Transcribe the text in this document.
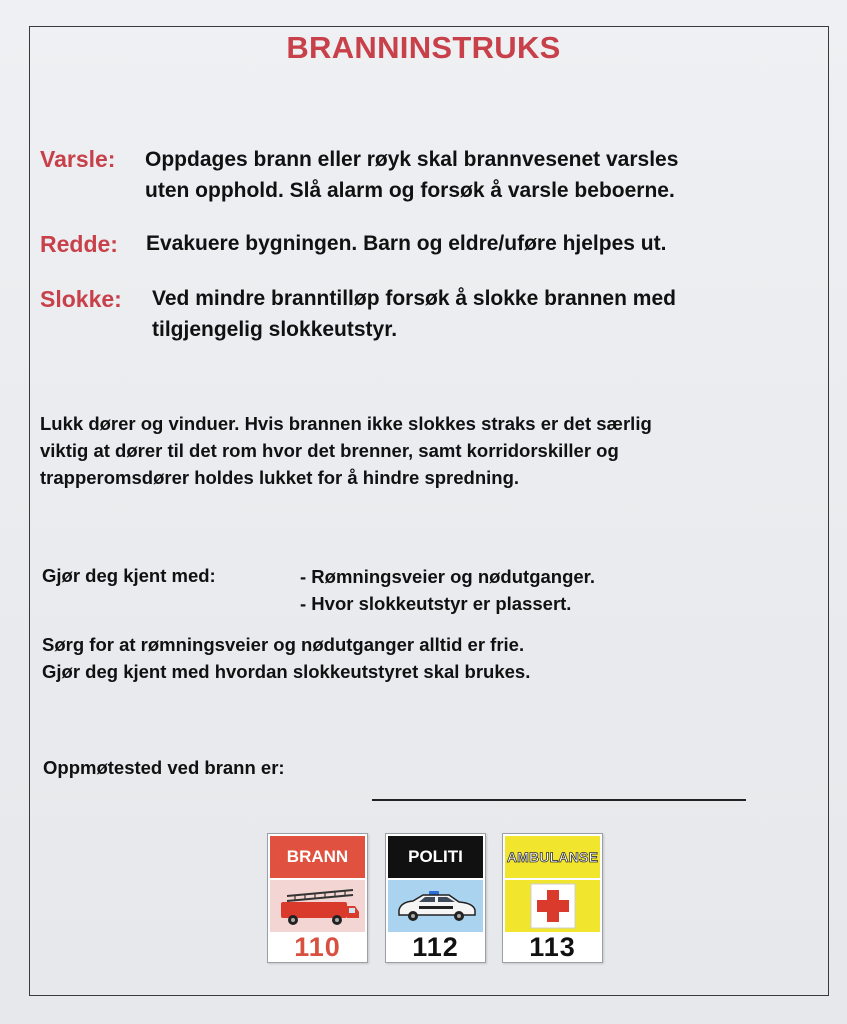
BRANNINSTRUKS
Varsle: Oppdages brann eller røyk skal brannvesenet varsles
uten opphold. Slå alarm og forsøk å varsle beboerne.
Redde: Evakuere bygningen. Barn og eldre/uføre hjelpes ut.
Slokke: Ved mindre branntilløp forsøk å slokke brannen med
tilgjengelig slokkeutstyr.
Lukk dører og vinduer. Hvis brannen ikke slokkes straks er det særlig
viktig at dører til det rom hvor det brenner, samt korridorskiller og
trapperomsdører holdes lukket for å hindre spredning.
Gjør deg kjent med:	- Rømningsveier og nødutganger.
- Hvor slokkeutstyr er plassert.
Sørg for at rømningsveier og nødutganger alltid er frie.
Gjør deg kjent med hvordan slokkeutstyret skal brukes.
Oppmøtested ved brann er:
BRANN
110
POLITI
112
AMBULANSE
113
